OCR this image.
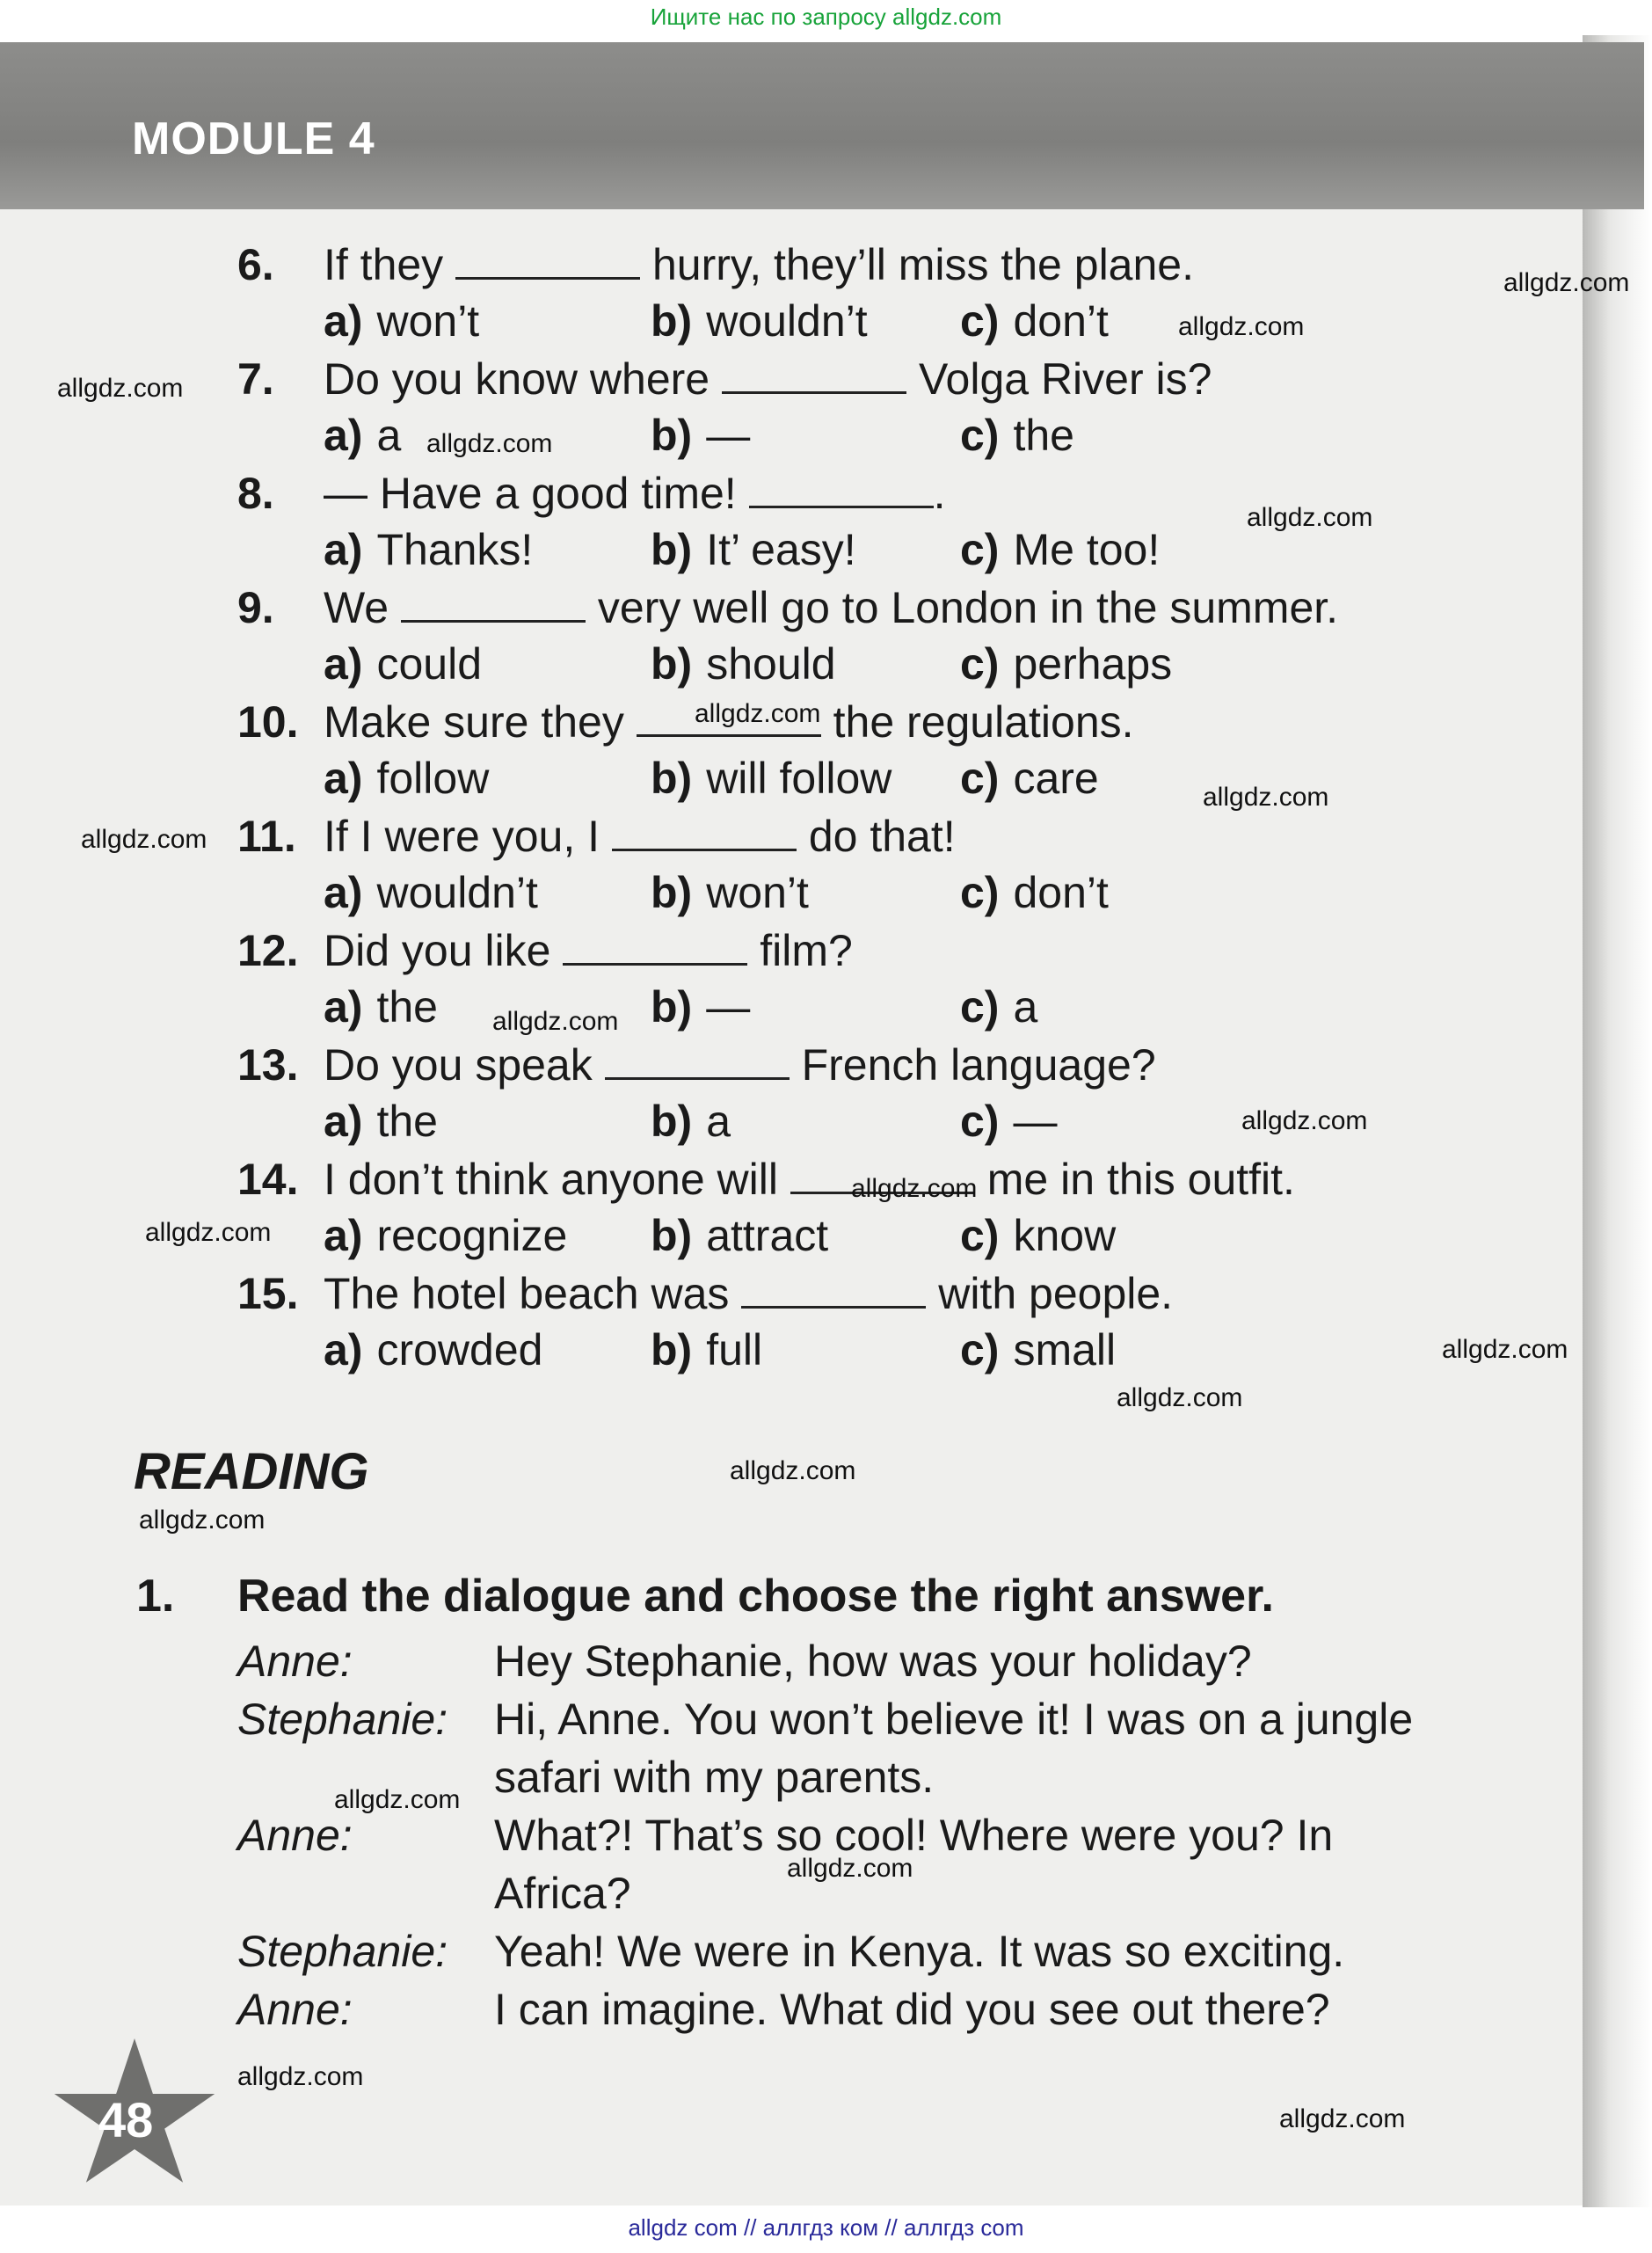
Ищите нас по запросу allgdz.com
MODULE 4
6. If they	hurry, they’ll miss the plane.
a) won’t	b) wouldn’t c) don’t
7. Do you know where	Volga River is?
a) a	b) —	c) the
8. — Have a good time!	.
a) Thanks!	b) It’ easy! c) Me too!
9. We	very well go to London in the summer.
a) could	b) should	c) perhaps
10. Make sure they	the regulations.
a) follow	b) will follow c) care
11. If I were you, I	do that!
a) wouldn’t	b) won’t	c) don’t
12. Did you like	film?
a) the	b) —	c) a
13. Do you speak	French language?
a) the	b) a	c) —
14. I don’t think anyone will	me in this outfit.
a) recognize b) attract	c) know
15. The hotel beach was	with people.
a) crowded b) full	c) small
READING
1. Read the dialogue and choose the right answer.
Anne:	Hey Stephanie, how was your holiday?
Stephanie: Hi, Anne. You won’t believe it! I was on a jungle
safari with my parents.
Anne:	What?! That’s so cool! Where were you? In
Africa?
Stephanie: Yeah! We were in Kenya. It was so exciting.
Anne:	I can imagine. What did you see out there?
48
allgdz.com
allgdz.com
allgdz.com
allgdz.com
allgdz.com
allgdz.com
allgdz.com
allgdz.com
allgdz.com
allgdz.com
allgdz.com
allgdz.com
allgdz.com
allgdz.com
allgdz.com
allgdz.com
allgdz.com
allgdz.com
allgdz.com
allgdz.com
allgdz com // аллгдз ком // аллгдз com
